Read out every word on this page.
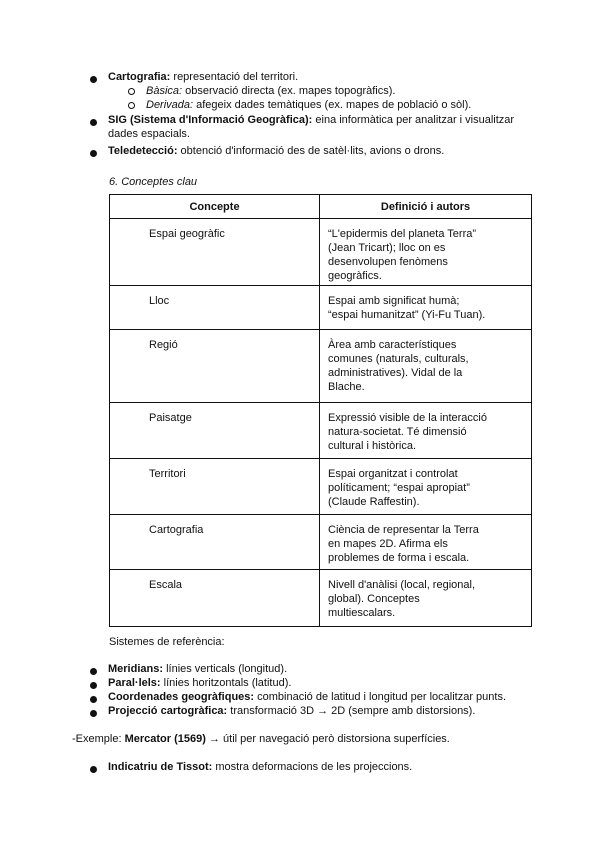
Cartografia: representació del territori.
Bàsica: observació directa (ex. mapes topogràfics).
Derivada: afegeix dades temàtiques (ex. mapes de població o sòl).
SIG (Sistema d'Informació Geogràfica): eina informàtica per analitzar i visualitzar
dades espacials.
Teledetecció: obtenció d'informació des de satèl·lits, avions o drons.
6. Conceptes clau
Concepte	Definició i autors
Espai geogràfic	“L'epidermis del planeta Terra”
(Jean Tricart); lloc on es
desenvolupen fenòmens
geogràfics.

Lloc	Espai amb significat humà;
“espai humanitzat” (Yi-Fu Tuan).

Regió	Àrea amb característiques
comunes (naturals, culturals,
administratives). Vidal de la
Blache.

Paisatge	Expressió visible de la interacció
natura-societat. Té dimensió
cultural i històrica.

Territori	Espai organitzat i controlat
políticament; “espai apropiat”
(Claude Raffestin).

Cartografia	Ciència de representar la Terra
en mapes 2D. Afirma els
problemes de forma i escala.

Escala	Nivell d'anàlisi (local, regional,
global). Conceptes
multiescalars.
Sistemes de referència:
Meridians: línies verticals (longitud).
Paral·lels: línies horitzontals (latitud).
Coordenades geogràfiques: combinació de latitud i longitud per localitzar punts.
Projecció cartogràfica: transformació 3D → 2D (sempre amb distorsions).
-Exemple: Mercator (1569) → útil per navegació però distorsiona superfícies.
Indicatriu de Tissot: mostra deformacions de les projeccions.
